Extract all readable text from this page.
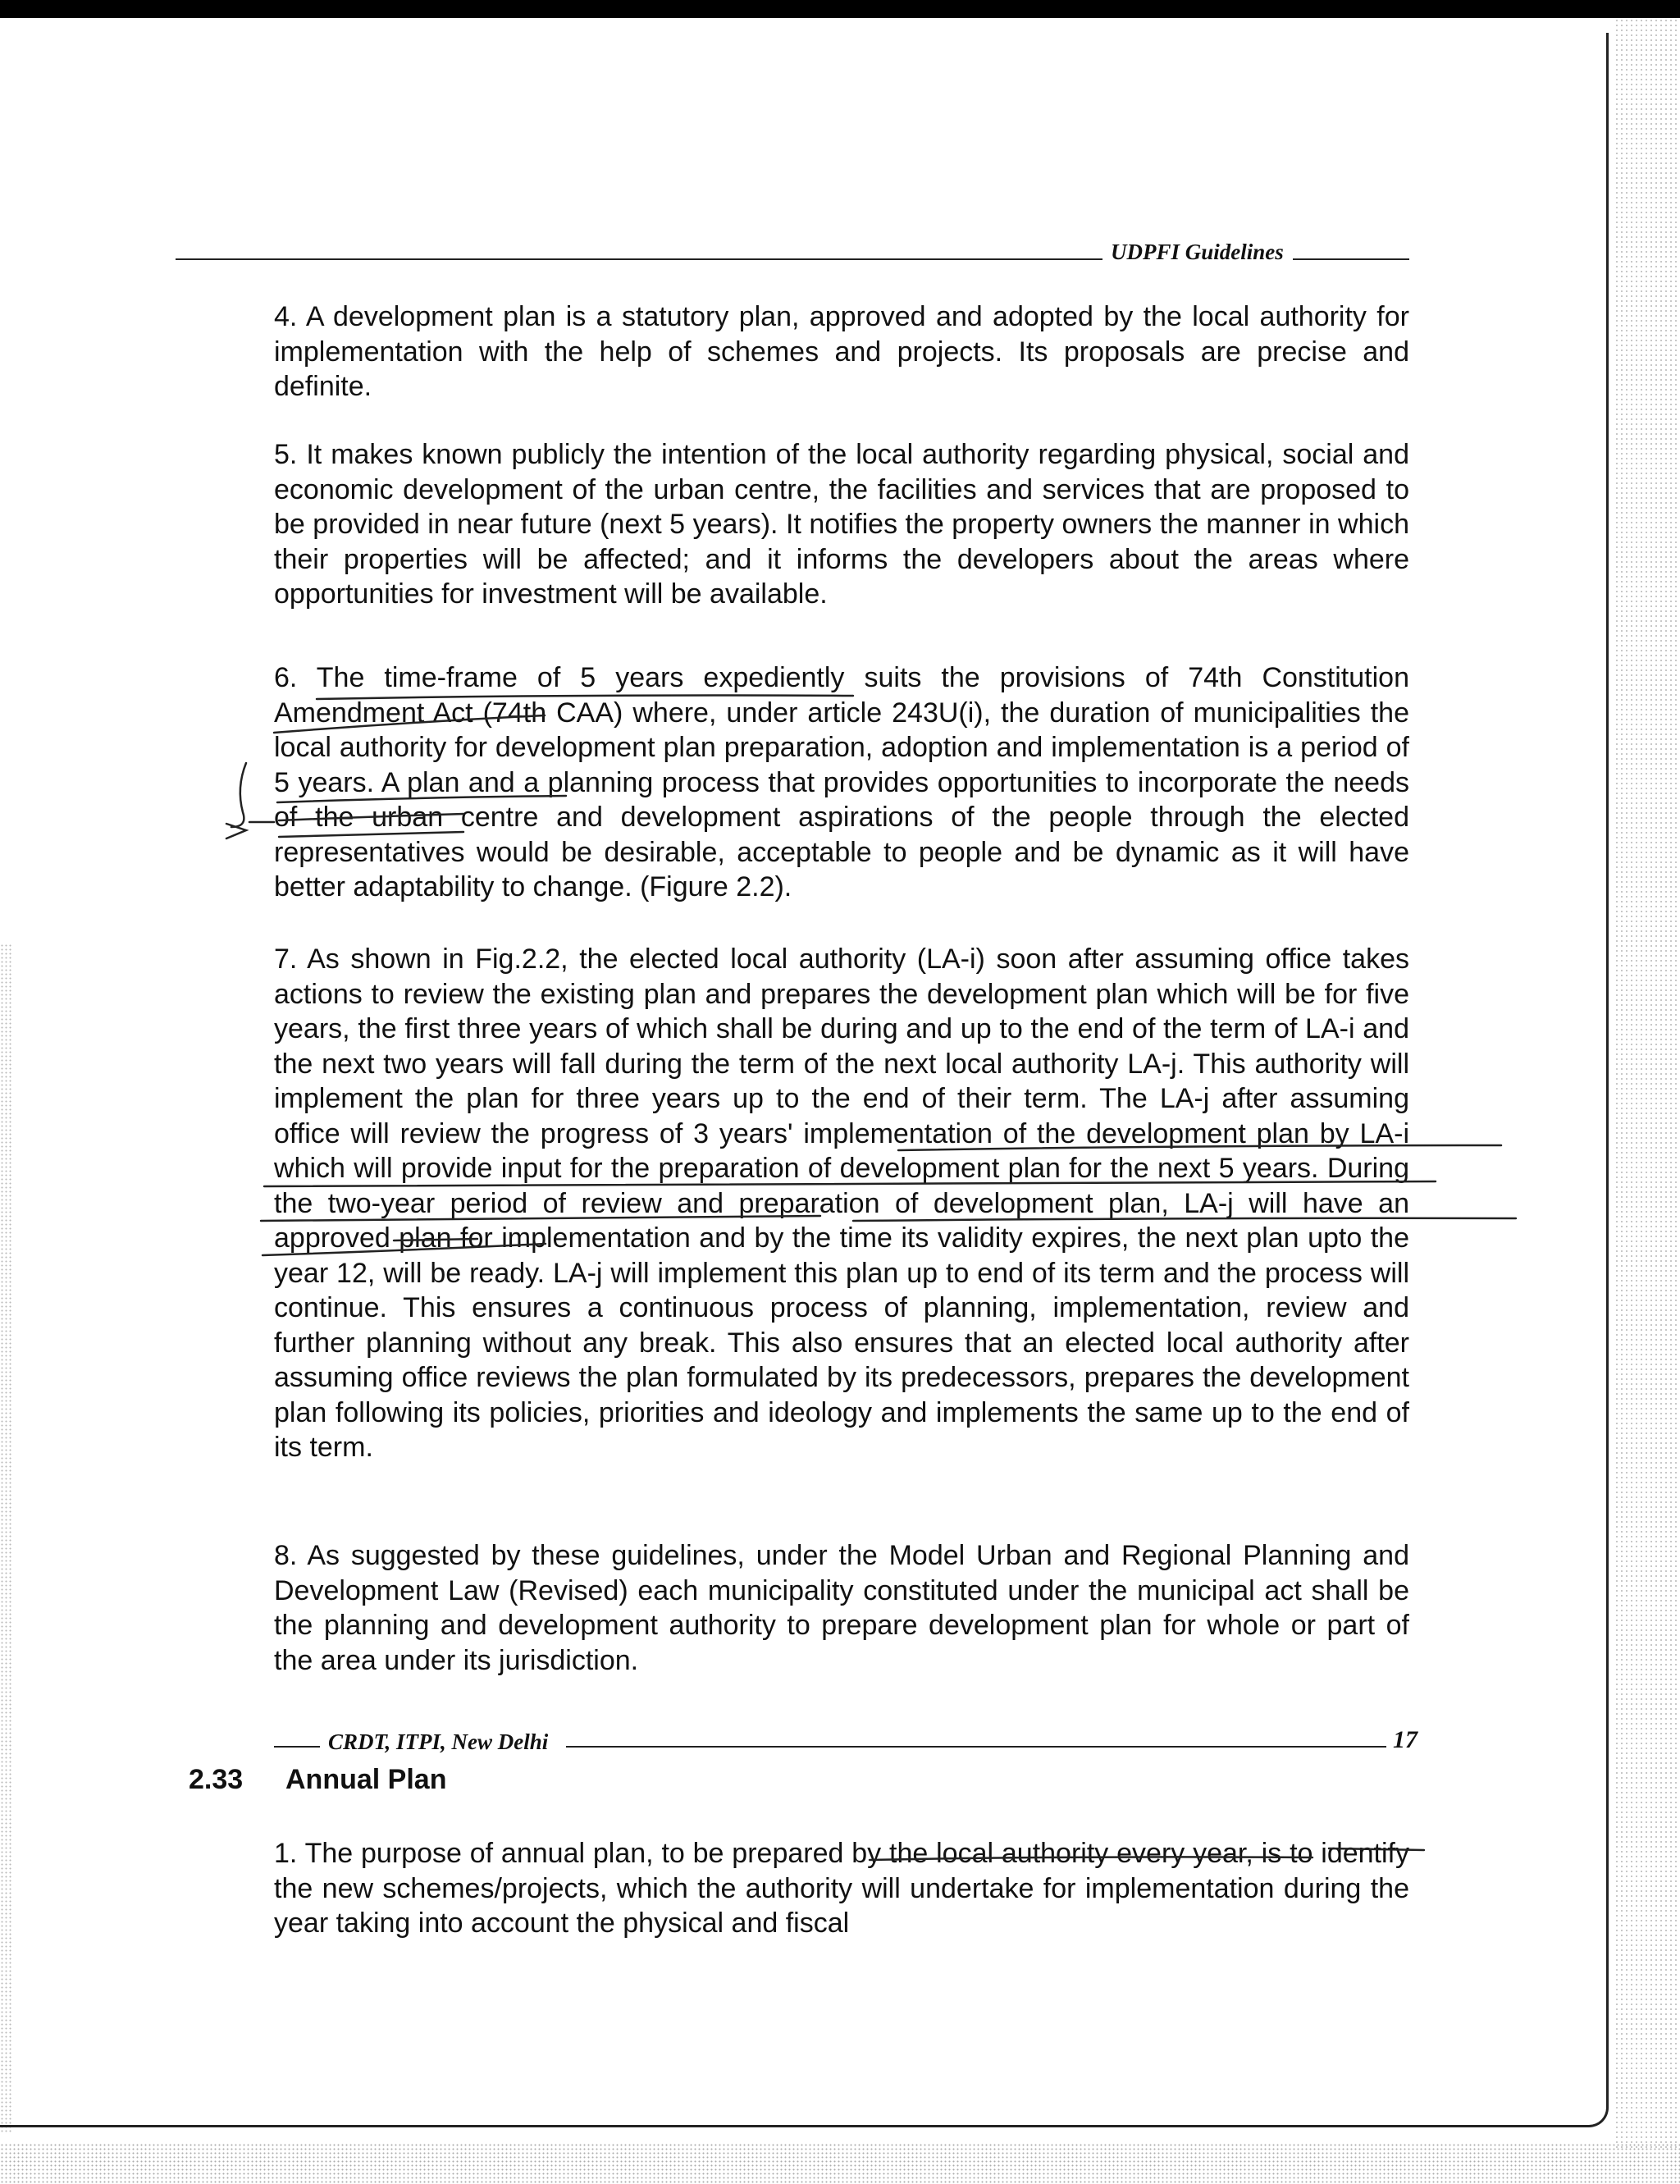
UDPFI Guidelines

4. A development plan is a statutory plan, approved and adopted by the local authority for implementation with the help of schemes and projects. Its proposals are precise and definite.

5. It makes known publicly the intention of the local authority regarding physical, social and economic development of the urban centre, the facilities and services that are proposed to be provided in near future (next 5 years). It notifies the property owners the manner in which their properties will be affected; and it informs the developers about the areas where opportunities for investment will be available.

6. The time-frame of 5 years expediently suits the provisions of 74th Constitution Amendment Act (74th CAA) where, under article 243U(i), the duration of municipalities the local authority for development plan preparation, adoption and implementation is a period of 5 years. A plan and a planning process that provides opportunities to incorporate the needs of the urban centre and development aspirations of the people through the elected representatives would be desirable, acceptable to people and be dynamic as it will have better adaptability to change. (Figure 2.2).

7. As shown in Fig.2.2, the elected local authority (LA-i) soon after assuming office takes actions to review the existing plan and prepares the development plan which will be for five years, the first three years of which shall be during and up to the end of the term of LA-i and the next two years will fall during the term of the next local authority LA-j. This authority will implement the plan for three years up to the end of their term. The LA-j after assuming office will review the progress of 3 years' implementation of the development plan by LA-i which will provide input for the preparation of development plan for the next 5 years. During the two-year period of review and preparation of development plan, LA-j will have an approved plan for implementation and by the time its validity expires, the next plan upto the year 12, will be ready. LA-j will implement this plan up to end of its term and the process will continue. This ensures a continuous process of planning, implementation, review and further planning without any break. This also ensures that an elected local authority after assuming office reviews the plan formulated by its predecessors, prepares the development plan following its policies, priorities and ideology and implements the same up to the end of its term.

8. As suggested by these guidelines, under the Model Urban and Regional Planning and Development Law (Revised) each municipality constituted under the municipal act shall be the planning and development authority to prepare development plan for whole or part of the area under its jurisdiction.

2.33 Annual Plan

1. The purpose of annual plan, to be prepared by the local authority every year, is to identify the new schemes/projects, which the authority will undertake for implementation during the year taking into account the physical and fiscal

CRDT, ITPI, New Delhi	17
